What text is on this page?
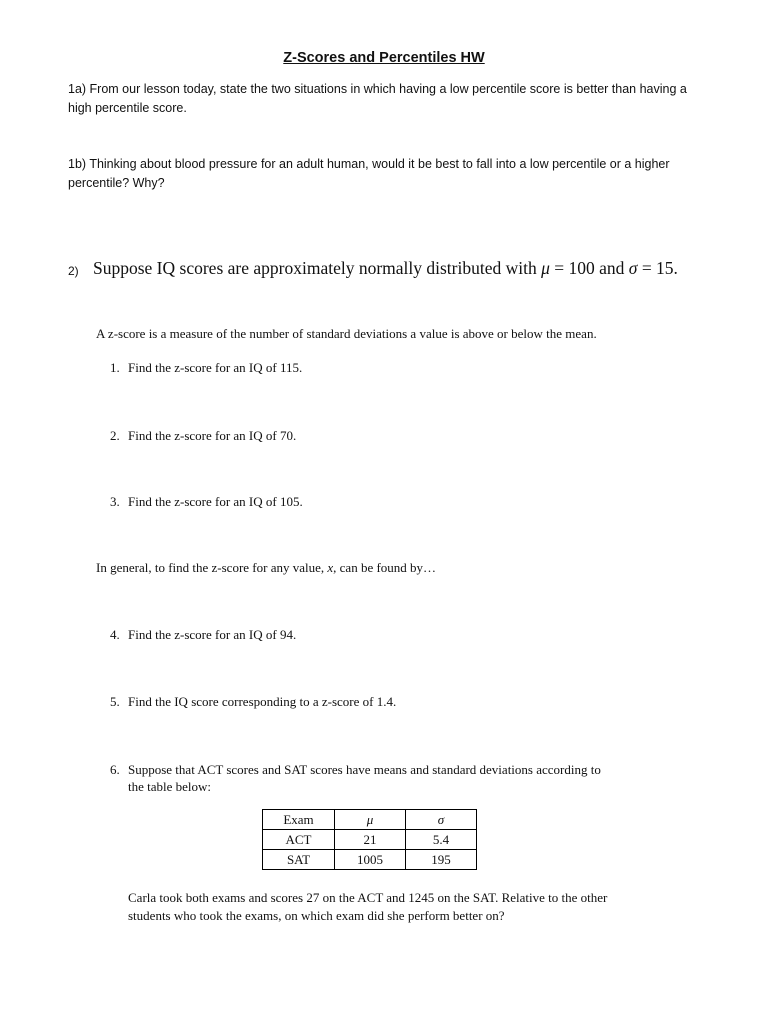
Z-Scores and Percentiles HW
1a) From our lesson today, state the two situations in which having a low percentile score is better than having a high percentile score.
1b) Thinking about blood pressure for an adult human, would it be best to fall into a low percentile or a higher percentile? Why?
2) Suppose IQ scores are approximately normally distributed with μ = 100 and σ = 15.
A z-score is a measure of the number of standard deviations a value is above or below the mean.
1. Find the z-score for an IQ of 115.
2. Find the z-score for an IQ of 70.
3. Find the z-score for an IQ of 105.
In general, to find the z-score for any value, x, can be found by…
4. Find the z-score for an IQ of 94.
5. Find the IQ score corresponding to a z-score of 1.4.
6. Suppose that ACT scores and SAT scores have means and standard deviations according to
the table below:
Exam	μ	σ
ACT	21	5.4
SAT	1005	195
Carla took both exams and scores 27 on the ACT and 1245 on the SAT. Relative to the other students who took the exams, on which exam did she perform better on?
